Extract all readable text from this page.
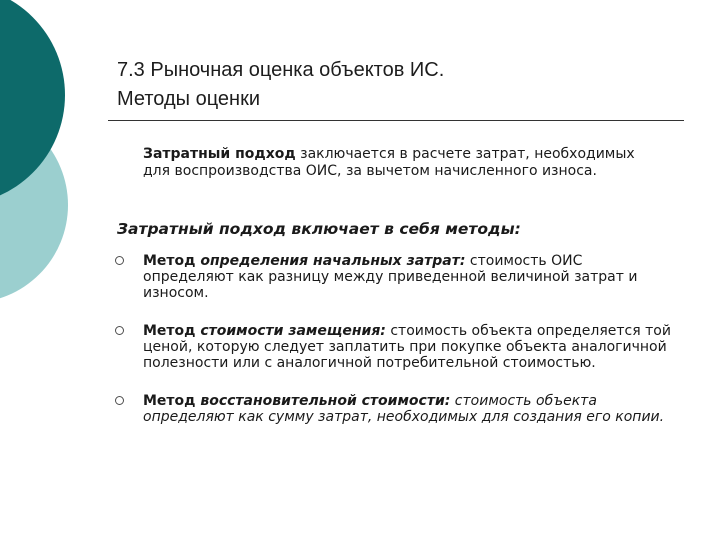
7.3 Рыночная оценка объектов ИС.
Методы оценки
Затратный подход заключается в расчете затрат, необходимых для воспроизводства ОИС, за вычетом начисленного износа.
Затратный подход включает в себя методы:
Метод определения начальных затрат: стоимость ОИС определяют как разницу между приведенной величиной затрат и износом.
Метод стоимости замещения: стоимость объекта определяется той ценой, которую следует заплатить при покупке объекта аналогичной полезности или с аналогичной потребительной стоимостью.
Метод восстановительной стоимости: стоимость объекта определяют как сумму затрат, необходимых для создания его копии.
